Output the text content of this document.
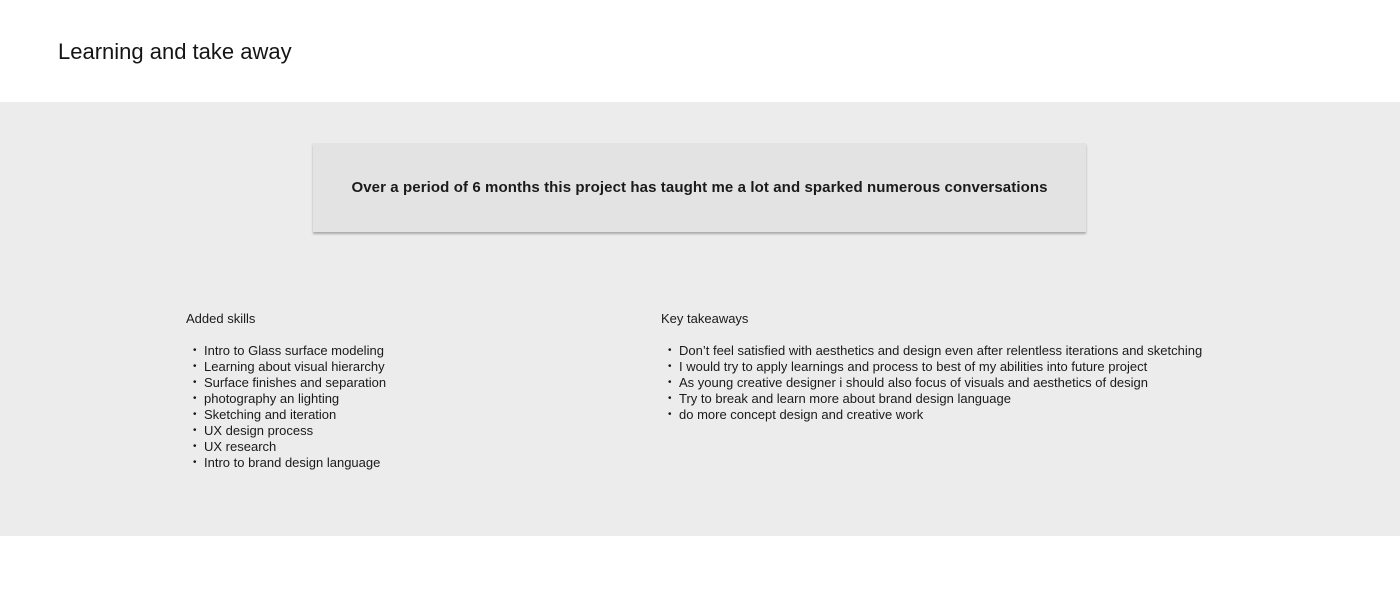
Learning and take away
Over a period of 6 months this project has taught me a lot and sparked numerous conversations

Added skills

• Intro to Glass surface modeling
• Learning about visual hierarchy
• Surface finishes and separation
• photography an lighting
• Sketching and iteration
• UX design process
• UX research
• Intro to brand design language

Key takeaways

• Don’t feel satisfied with aesthetics and design even after relentless iterations and sketching
• I would try to apply learnings and process to best of my abilities into future project
• As young creative designer i should also focus of visuals and aesthetics of design
• Try to break and learn more about brand design language
• do more concept design and creative work
